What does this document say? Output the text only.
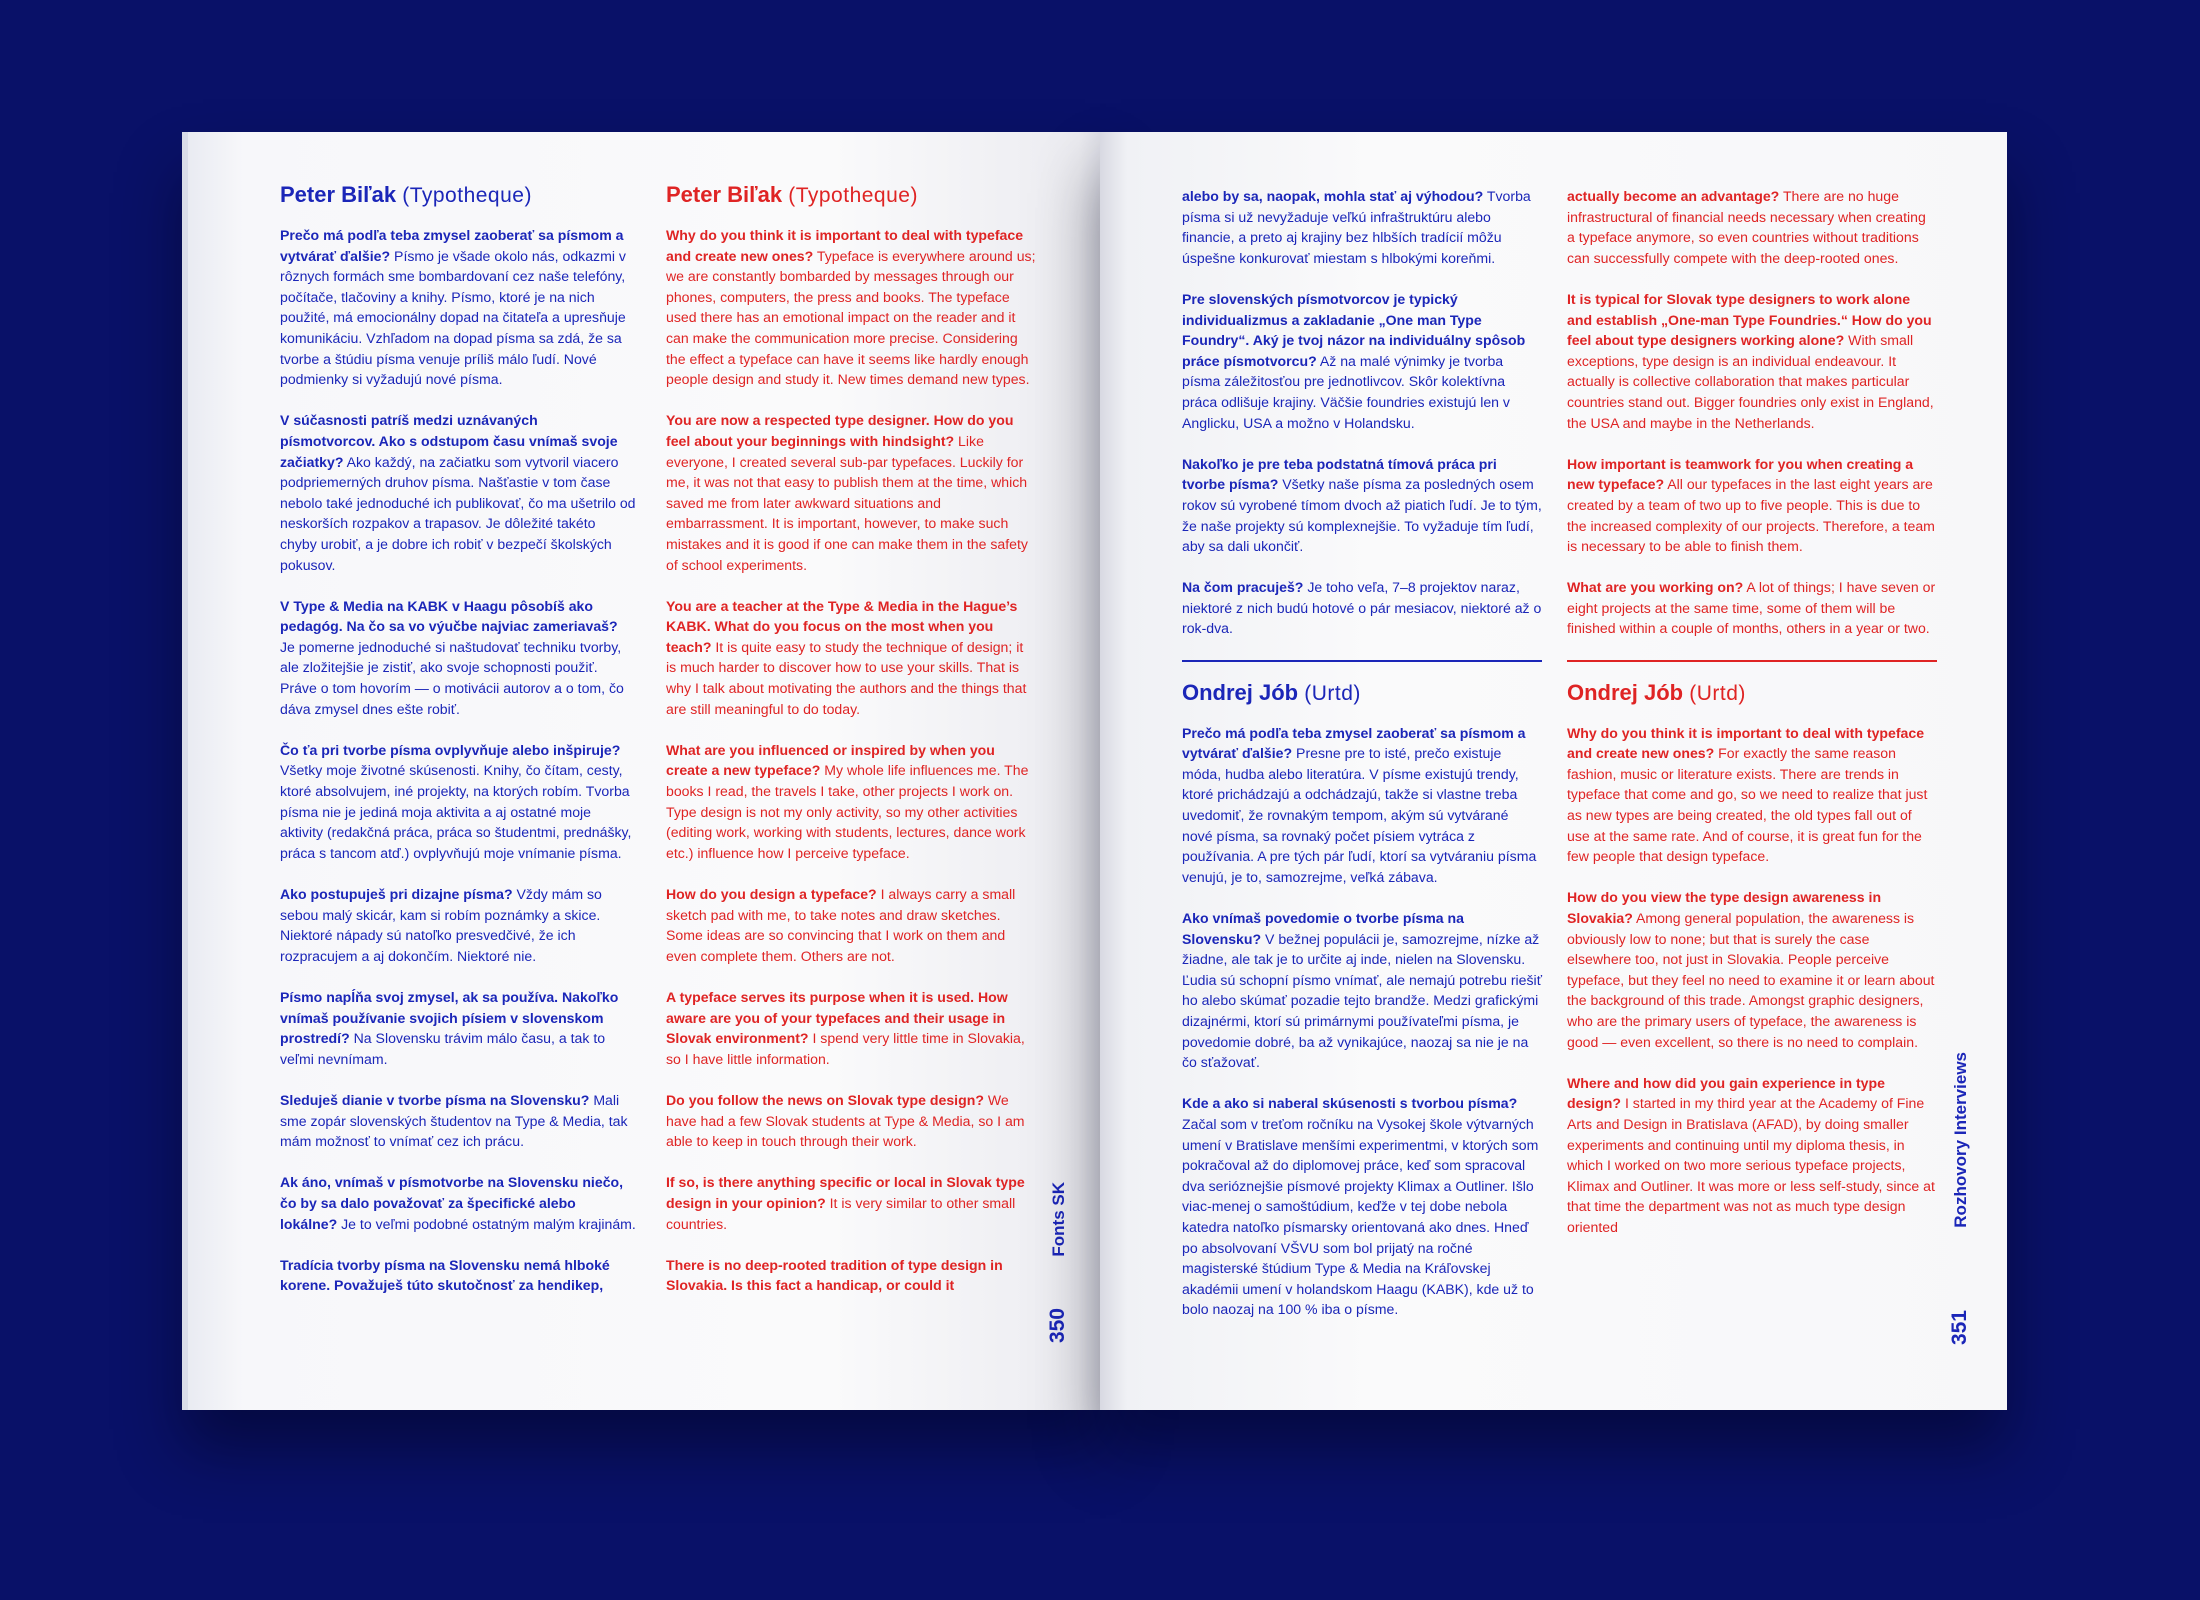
Peter Biľak (Typotheque)

Prečo má podľa teba zmysel zaoberať sa písmom a vytvárať ďalšie? Písmo je všade okolo nás, odkazmi v rôznych formách sme bombardovaní cez naše telefóny, počítače, tlačoviny a knihy. Písmo, ktoré je na nich použité, má emocionálny dopad na čitateľa a upresňuje komunikáciu. Vzhľadom na dopad písma sa zdá, že sa tvorbe a štúdiu písma venuje príliš málo ľudí. Nové podmienky si vyžadujú nové písma.

V súčasnosti patríš medzi uznávaných písmotvorcov. Ako s odstupom času vnímaš svoje začiatky? Ako každý, na začiatku som vytvoril viacero podpriemerných druhov písma. Našťastie v tom čase nebolo také jednoduché ich publikovať, čo ma ušetrilo od neskorších rozpakov a trapasov. Je dôležité takéto chyby urobiť, a je dobre ich robiť v bezpečí školských pokusov.

V Type & Media na KABK v Haagu pôsobíš ako pedagóg. Na čo sa vo výučbe najviac zameriavaš? Je pomerne jednoduché si naštudovať techniku tvorby, ale zložitejšie je zistiť, ako svoje schopnosti použiť. Práve o tom hovorím — o motivácii autorov a o tom, čo dáva zmysel dnes ešte robiť.

Čo ťa pri tvorbe písma ovplyvňuje alebo inšpiruje? Všetky moje životné skúsenosti. Knihy, čo čítam, cesty, ktoré absolvujem, iné projekty, na ktorých robím. Tvorba písma nie je jediná moja aktivita a aj ostatné moje aktivity (redakčná práca, práca so študentmi, prednášky, práca s tancom atď.) ovplyvňujú moje vnímanie písma.

Ako postupuješ pri dizajne písma? Vždy mám so sebou malý skicár, kam si robím poznámky a skice. Niektoré nápady sú natoľko presvedčivé, že ich rozpracujem a aj dokončím. Niektoré nie.

Písmo napĺňa svoj zmysel, ak sa používa. Nakoľko vnímaš používanie svojich písiem v slovenskom prostredí? Na Slovensku trávim málo času, a tak to veľmi nevnímam.

Sleduješ dianie v tvorbe písma na Slovensku? Mali sme zopár slovenských študentov na Type & Media, tak mám možnosť to vnímať cez ich prácu.

Ak áno, vnímaš v písmotvorbe na Slovensku niečo, čo by sa dalo považovať za špecifické alebo lokálne? Je to veľmi podobné ostatným malým krajinám.

Tradícia tvorby písma na Slovensku nemá hlboké korene. Považuješ túto skutočnosť za hendikep,

Peter Biľak (Typotheque)

Why do you think it is important to deal with typeface and create new ones? Typeface is everywhere around us; we are constantly bombarded by messages through our phones, computers, the press and books. The typeface used there has an emotional impact on the reader and it can make the communication more precise. Considering the effect a typeface can have it seems like hardly enough people design and study it. New times demand new types.

You are now a respected type designer. How do you feel about your beginnings with hindsight? Like everyone, I created several sub-par typefaces. Luckily for me, it was not that easy to publish them at the time, which saved me from later awkward situations and embarrassment. It is important, however, to make such mistakes and it is good if one can make them in the safety of school experiments.

You are a teacher at the Type & Media in the Hague’s KABK. What do you focus on the most when you teach? It is quite easy to study the technique of design; it is much harder to discover how to use your skills. That is why I talk about motivating the authors and the things that are still meaningful to do today.

What are you influenced or inspired by when you create a new typeface? My whole life influences me. The books I read, the travels I take, other projects I work on. Type design is not my only activity, so my other activities (editing work, working with students, lectures, dance work etc.) influence how I perceive typeface.

How do you design a typeface? I always carry a small sketch pad with me, to take notes and draw sketches. Some ideas are so convincing that I work on them and even complete them. Others are not.

A typeface serves its purpose when it is used. How aware are you of your typefaces and their usage in Slovak environment? I spend very little time in Slovakia, so I have little information.

Do you follow the news on Slovak type design? We have had a few Slovak students at Type & Media, so I am able to keep in touch through their work.

If so, is there anything specific or local in Slovak type design in your opinion? It is very similar to other small countries.

There is no deep-rooted tradition of type design in Slovakia. Is this fact a handicap, or could it

350
Fonts SK

alebo by sa, naopak, mohla stať aj výhodou? Tvorba písma si už nevyžaduje veľkú infraštruktúru alebo financie, a preto aj krajiny bez hlbších tradícií môžu úspešne konkurovať miestam s hlbokými koreňmi.

Pre slovenských písmotvorcov je typický individualizmus a zakladanie „One man Type Foundry“. Aký je tvoj názor na individuálny spôsob práce písmotvorcu? Až na malé výnimky je tvorba písma záležitosťou pre jednotlivcov. Skôr kolektívna práca odlišuje krajiny. Väčšie foundries existujú len v Anglicku, USA a možno v Holandsku.

Nakoľko je pre teba podstatná tímová práca pri tvorbe písma? Všetky naše písma za posledných osem rokov sú vyrobené tímom dvoch až piatich ľudí. Je to tým, že naše projekty sú komplexnejšie. To vyžaduje tím ľudí, aby sa dali ukončiť.

Na čom pracuješ? Je toho veľa, 7–8 projektov naraz, niektoré z nich budú hotové o pár mesiacov, niektoré až o rok-dva.

Ondrej Jób (Urtd)

Prečo má podľa teba zmysel zaoberať sa písmom a vytvárať ďalšie? Presne pre to isté, prečo existuje móda, hudba alebo literatúra. V písme existujú trendy, ktoré prichádzajú a odchádzajú, takže si vlastne treba uvedomiť, že rovnakým tempom, akým sú vytvárané nové písma, sa rovnaký počet písiem vytráca z používania. A pre tých pár ľudí, ktorí sa vytváraniu písma venujú, je to, samozrejme, veľká zábava.

Ako vnímaš povedomie o tvorbe písma na Slovensku? V bežnej populácii je, samozrejme, nízke až žiadne, ale tak je to určite aj inde, nielen na Slovensku. Ľudia sú schopní písmo vnímať, ale nemajú potrebu riešiť ho alebo skúmať pozadie tejto brandže. Medzi grafickými dizajnérmi, ktorí sú primárnymi používateľmi písma, je povedomie dobré, ba až vynikajúce, naozaj sa nie je na čo sťažovať.

Kde a ako si naberal skúsenosti s tvorbou písma? Začal som v treťom ročníku na Vysokej škole výtvarných umení v Bratislave menšími experimentmi, v ktorých som pokračoval až do diplomovej práce, keď som spracoval dva serióznejšie písmové projekty Klimax a Outliner. Išlo viac-menej o samoštúdium, keďže v tej dobe nebola katedra natoľko písmarsky orientovaná ako dnes. Hneď po absolvovaní VŠVU som bol prijatý na ročné magisterské štúdium Type & Media na Kráľovskej akadémii umení v holandskom Haagu (KABK), kde už to bolo naozaj na 100 % iba o písme.

actually become an advantage? There are no huge infrastructural of financial needs necessary when creating a typeface anymore, so even countries without traditions can successfully compete with the deep-rooted ones.

It is typical for Slovak type designers to work alone and establish „One-man Type Foundries.“ How do you feel about type designers working alone? With small exceptions, type design is an individual endeavour. It actually is collective collaboration that makes particular countries stand out. Bigger foundries only exist in England, the USA and maybe in the Netherlands.

How important is teamwork for you when creating a new typeface? All our typefaces in the last eight years are created by a team of two up to five people. This is due to the increased complexity of our projects. Therefore, a team is necessary to be able to finish them.

What are you working on? A lot of things; I have seven or eight projects at the same time, some of them will be finished within a couple of months, others in a year or two.

Ondrej Jób (Urtd)

Why do you think it is important to deal with typeface and create new ones? For exactly the same reason fashion, music or literature exists. There are trends in typeface that come and go, so we need to realize that just as new types are being created, the old types fall out of use at the same rate. And of course, it is great fun for the few people that design typeface.

How do you view the type design awareness in Slovakia? Among general population, the awareness is obviously low to none; but that is surely the case elsewhere too, not just in Slovakia. People perceive typeface, but they feel no need to examine it or learn about the background of this trade. Amongst graphic designers, who are the primary users of typeface, the awareness is good — even excellent, so there is no need to complain.

Where and how did you gain experience in type design? I started in my third year at the Academy of Fine Arts and Design in Bratislava (AFAD), by doing smaller experiments and continuing until my diploma thesis, in which I worked on two more serious typeface projects, Klimax and Outliner. It was more or less self-study, since at that time the department was not as much type design oriented

351
Rozhovory Interviews
